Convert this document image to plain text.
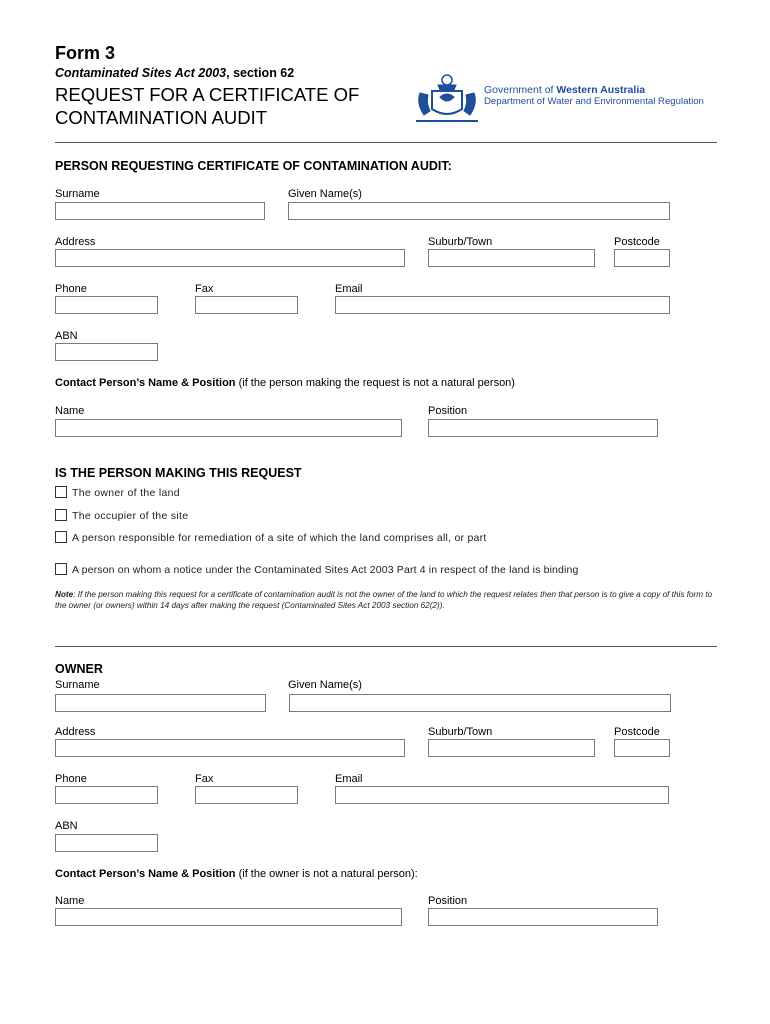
Form 3
Contaminated Sites Act 2003, section 62
REQUEST FOR A CERTIFICATE OF
CONTAMINATION AUDIT
Government of Western Australia
Department of Water and Environmental Regulation
PERSON REQUESTING CERTIFICATE OF CONTAMINATION AUDIT:
Surname	Given Name(s)
Address	Suburb/Town	Postcode
Phone	Fax	Email
ABN
Contact Person’s Name & Position (if the person making the request is not a natural person)
Name	Position
IS THE PERSON MAKING THIS REQUEST
The owner of the land
The occupier of the site
A person responsible for remediation of a site of which the land comprises all, or part
A person on whom a notice under the Contaminated Sites Act 2003 Part 4 in respect of the land is binding
Note: If the person making this request for a certificate of contamination audit is not the owner of the land to which the request relates then that person is to give a copy of this form to the owner (or owners) within 14 days after making the request (Contaminated Sites Act 2003 section 62(2)).
OWNER
Surname	Given Name(s)
Address	Suburb/Town	Postcode
Phone	Fax	Email
ABN
Contact Person’s Name & Position (if the owner is not a natural person):
Name	Position
